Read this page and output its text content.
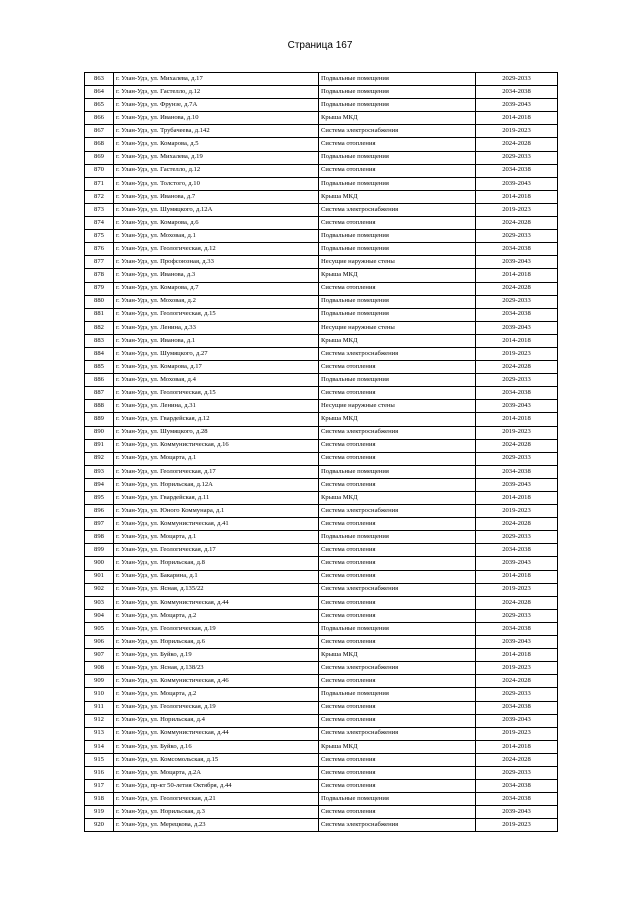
Страница 167
863	г. Улан-Удэ, ул. Михалева, д.17	Подвальные помещения	2029-2033
864	г. Улан-Удэ, ул. Гастелло, д.12	Подвальные помещения	2034-2038
865	г. Улан-Удэ, ул. Фрунзе, д.7А	Подвальные помещения	2039-2043
866	г. Улан-Удэ, ул. Иванова, д.10	Крыша МКД	2014-2018
867	г. Улан-Удэ, ул. Трубачеева, д.142	Система электроснабжения	2019-2023
868	г. Улан-Удэ, ул. Комарова, д.5	Система отопления	2024-2028
869	г. Улан-Удэ, ул. Михалева, д.19	Подвальные помещения	2029-2033
870	г. Улан-Удэ, ул. Гастелло, д.12	Система отопления	2034-2038
871	г. Улан-Удэ, ул. Толстого, д.10	Подвальные помещения	2039-2043
872	г. Улан-Удэ, ул. Иванова, д.7	Крыша МКД	2014-2018
873	г. Улан-Удэ, ул. Шумяцкого, д.12А	Система электроснабжения	2019-2023
874	г. Улан-Удэ, ул. Комарова, д.6	Система отопления	2024-2028
875	г. Улан-Удэ, ул. Моховая, д.1	Подвальные помещения	2029-2033
876	г. Улан-Удэ, ул. Геологическая, д.12	Подвальные помещения	2034-2038
877	г. Улан-Удэ, ул. Профсоюзная, д.33	Несущие наружные стены	2039-2043
878	г. Улан-Удэ, ул. Иванова, д.3	Крыша МКД	2014-2018
879	г. Улан-Удэ, ул. Комарова, д.7	Система отопления	2024-2028
880	г. Улан-Удэ, ул. Моховая, д.2	Подвальные помещения	2029-2033
881	г. Улан-Удэ, ул. Геологическая, д.15	Подвальные помещения	2034-2038
882	г. Улан-Удэ, ул. Ленина, д.33	Несущие наружные стены	2039-2043
883	г. Улан-Удэ, ул. Иванова, д.1	Крыша МКД	2014-2018
884	г. Улан-Удэ, ул. Шумяцкого, д.27	Система электроснабжения	2019-2023
885	г. Улан-Удэ, ул. Комарова, д.17	Система отопления	2024-2028
886	г. Улан-Удэ, ул. Моховая, д.4	Подвальные помещения	2029-2033
887	г. Улан-Удэ, ул. Геологическая, д.15	Система отопления	2034-2038
888	г. Улан-Удэ, ул. Ленина, д.31	Несущие наружные стены	2039-2043
889	г. Улан-Удэ, ул. Гвардейская, д.12	Крыша МКД	2014-2018
890	г. Улан-Удэ, ул. Шумяцкого, д.28	Система электроснабжения	2019-2023
891	г. Улан-Удэ, ул. Коммунистическая, д.16	Система отопления	2024-2028
892	г. Улан-Удэ, ул. Моцарта, д.1	Система отопления	2029-2033
893	г. Улан-Удэ, ул. Геологическая, д.17	Подвальные помещения	2034-2038
894	г. Улан-Удэ, ул. Норильская, д.12А	Система отопления	2039-2043
895	г. Улан-Удэ, ул. Гвардейская, д.11	Крыша МКД	2014-2018
896	г. Улан-Удэ, ул. Юного Коммунара, д.1	Система электроснабжения	2019-2023
897	г. Улан-Удэ, ул. Коммунистическая, д.41	Система отопления	2024-2028
898	г. Улан-Удэ, ул. Моцарта, д.1	Подвальные помещения	2029-2033
899	г. Улан-Удэ, ул. Геологическая, д.17	Система отопления	2034-2038
900	г. Улан-Удэ, ул. Норильская, д.8	Система отопления	2039-2043
901	г. Улан-Удэ, ул. Бакарина, д.1	Система отопления	2014-2018
902	г. Улан-Удэ, ул. Ясная, д.135/22	Система электроснабжения	2019-2023
903	г. Улан-Удэ, ул. Коммунистическая, д.44	Система отопления	2024-2028
904	г. Улан-Удэ, ул. Моцарта, д.2	Система отопления	2029-2033
905	г. Улан-Удэ, ул. Геологическая, д.19	Подвальные помещения	2034-2038
906	г. Улан-Удэ, ул. Норильская, д.6	Система отопления	2039-2043
907	г. Улан-Удэ, ул. Буйко, д.19	Крыша МКД	2014-2018
908	г. Улан-Удэ, ул. Ясная, д.138/23	Система электроснабжения	2019-2023
909	г. Улан-Удэ, ул. Коммунистическая, д.46	Система отопления	2024-2028
910	г. Улан-Удэ, ул. Моцарта, д.2	Подвальные помещения	2029-2033
911	г. Улан-Удэ, ул. Геологическая, д.19	Система отопления	2034-2038
912	г. Улан-Удэ, ул. Норильская, д.4	Система отопления	2039-2043
913	г. Улан-Удэ, ул. Коммунистическая, д.44	Система электроснабжения	2019-2023
914	г. Улан-Удэ, ул. Буйко, д.16	Крыша МКД	2014-2018
915	г. Улан-Удэ, ул. Комсомольская, д.15	Система отопления	2024-2028
916	г. Улан-Удэ, ул. Моцарта, д.2А	Система отопления	2029-2033
917	г. Улан-Удэ, пр-кт 50-летия Октября, д.44	Система отопления	2034-2038
918	г. Улан-Удэ, ул. Геологическая, д.21	Подвальные помещения	2034-2038
919	г. Улан-Удэ, ул. Норильская, д.3	Система отопления	2039-2043
920	г. Улан-Удэ, ул. Мерецкова, д.23	Система электроснабжения	2019-2023
